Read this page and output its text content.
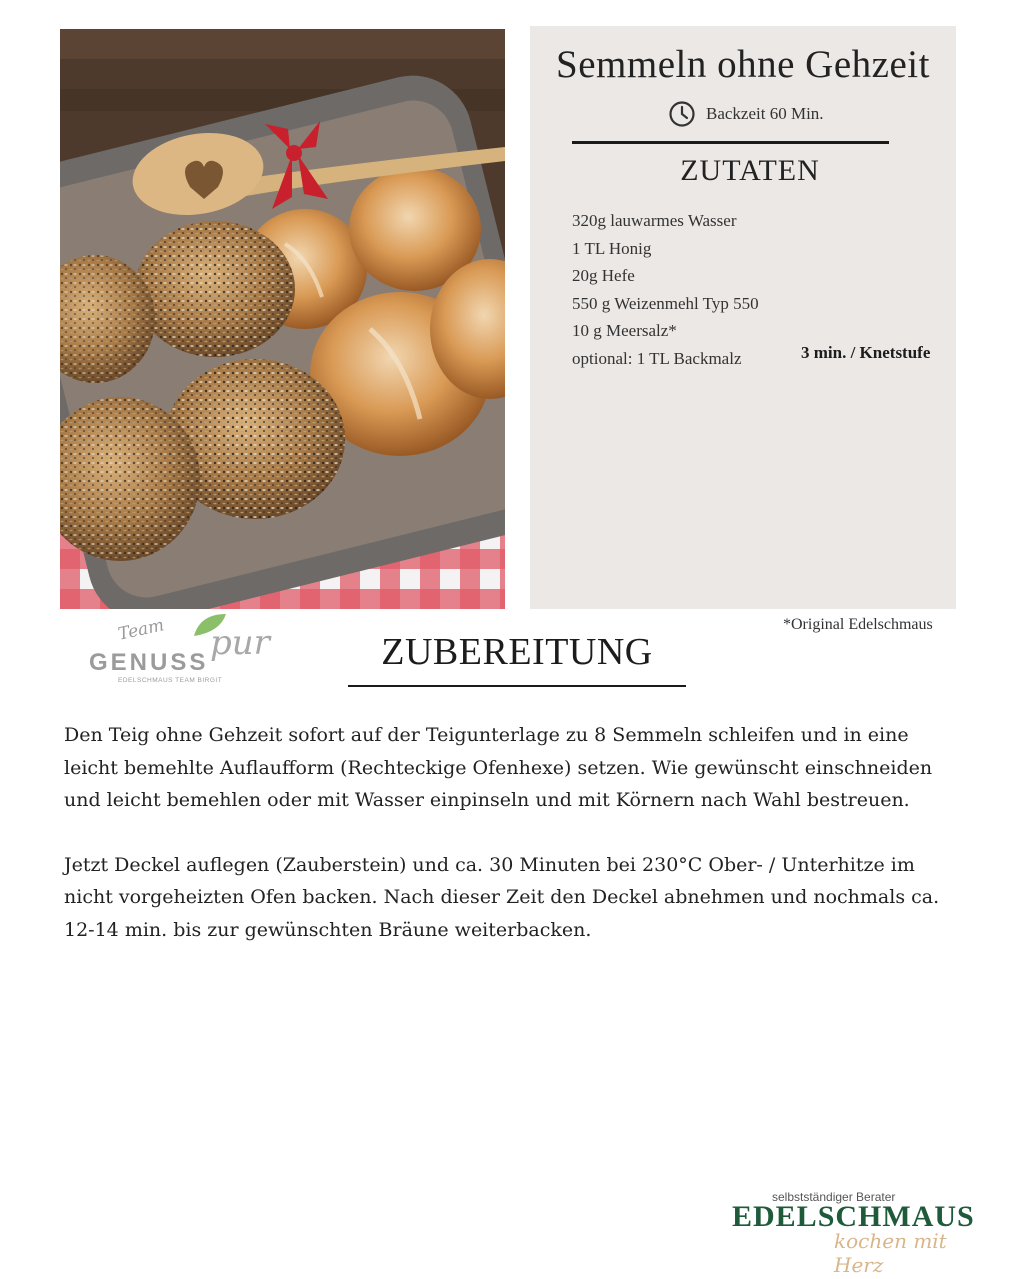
Semmeln ohne Gehzeit
Backzeit 60 Min.
ZUTATEN
320g lauwarmes Wasser
1 TL Honig
20g Hefe
550 g Weizenmehl Typ 550
10 g Meersalz*
optional: 1 TL Backmalz	3 min. / Knetstufe
*Original Edelschmaus
Team
GENUSS pur
EDELSCHMAUS TEAM BIRGIT
ZUBEREITUNG

Den Teig ohne Gehzeit sofort auf der Teigunterlage zu 8 Semmeln schleifen und in eine leicht bemehlte Auflaufform (Rechteckige Ofenhexe) setzen. Wie gewünscht einschneiden und leicht bemehlen oder mit Wasser einpinseln und mit Körnern nach Wahl bestreuen.

Jetzt Deckel auflegen (Zauberstein) und ca. 30 Minuten bei 230°C Ober- / Unterhitze im nicht vorgeheizten Ofen backen. Nach dieser Zeit den Deckel abnehmen und nochmals ca. 12-14 min. bis zur gewünschten Bräune weiterbacken.

selbstständiger Berater
EDELSCHMAUS
kochen mit Herz
